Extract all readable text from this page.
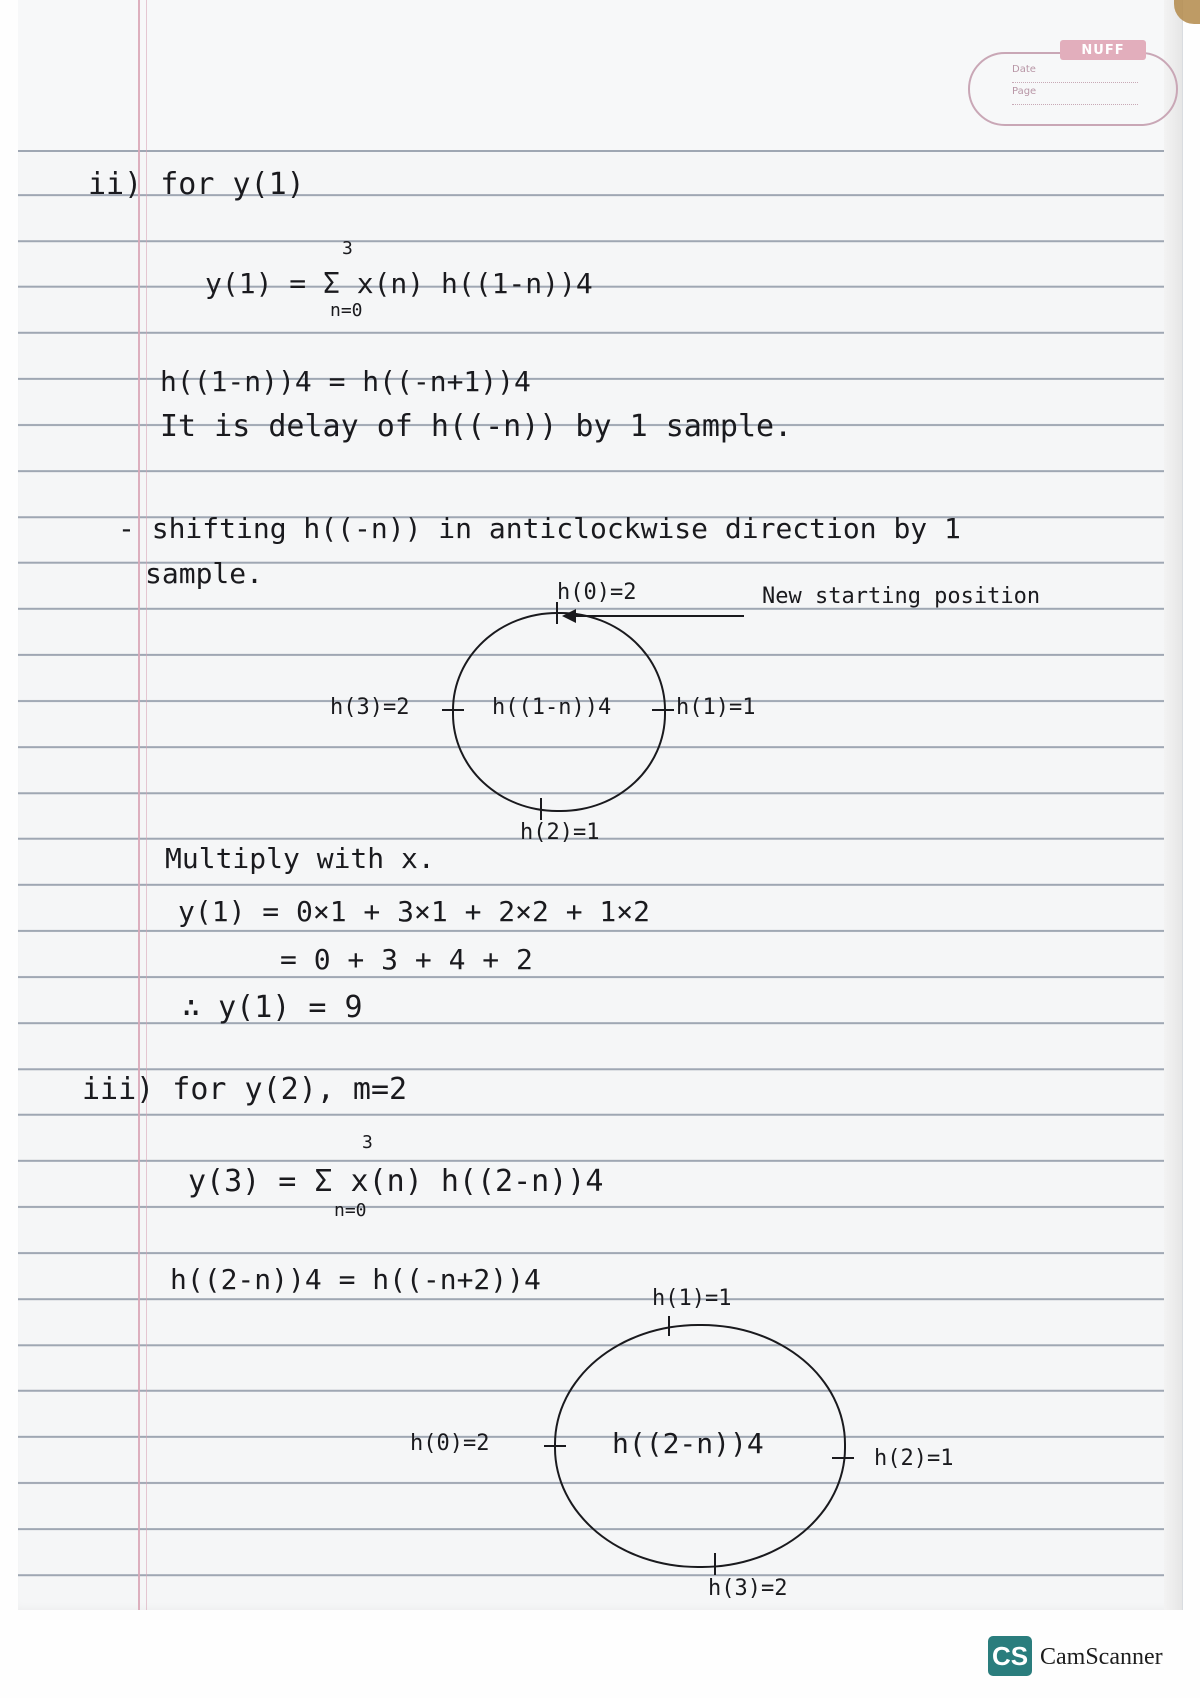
NUFF
Date
Page
ii) for y(1)
3
n=0
y(1) = Σ x(n) h((1-n))4
h((1-n))4 = h((-n+1))4
It is delay of h((-n)) by 1 sample.
- shifting h((-n)) in anticlockwise direction by 1
sample.
h(0)=2
h(3)=2	h((1-n))4	h(1)=1
h(2)=1
New starting position
Multiply with x.
y(1) = 0×1 + 3×1 + 2×2 + 1×2
= 0 + 3 + 4 + 2
∴ y(1) = 9
iii) for y(2), m=2
3
n=0
y(3) = Σ x(n) h((2-n))4
h((2-n))4 = h((-n+2))4
h(1)=1
h(0)=2	h((2-n))4	h(2)=1
h(3)=2
CS CamScanner
